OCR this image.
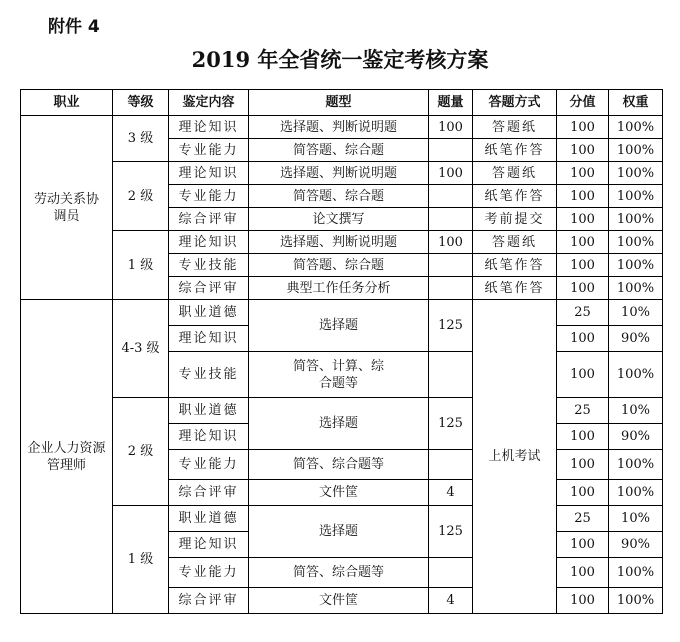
附件 4
2019 年全省统一鉴定考核方案
职业	等级	鉴定内容	题型	题量	答题方式	分值	权重
劳动关系协调员	3 级	理论知识	选择题、判断说明题	100	答题纸	100	100%
		专业能力	简答题、综合题		纸笔作答	100	100%
	2 级	理论知识	选择题、判断说明题	100	答题纸	100	100%
		专业能力	简答题、综合题		纸笔作答	100	100%
		综合评审	论文撰写		考前提交	100	100%
	1 级	理论知识	选择题、判断说明题	100	答题纸	100	100%
		专业技能	简答题、综合题		纸笔作答	100	100%
		综合评审	典型工作任务分析		纸笔作答	100	100%
企业人力资源管理师	4-3 级	职业道德	选择题	125	上机考试	25	10%
		理论知识				100	90%
		专业技能	简答、计算、综合题等			100	100%
	2 级	职业道德	选择题	125		25	10%
		理论知识				100	90%
		专业能力	简答、综合题等			100	100%
		综合评审	文件筐	4		100	100%
	1 级	职业道德	选择题	125		25	10%
		理论知识				100	90%
		专业能力	简答、综合题等			100	100%
		综合评审	文件筐	4		100	100%
